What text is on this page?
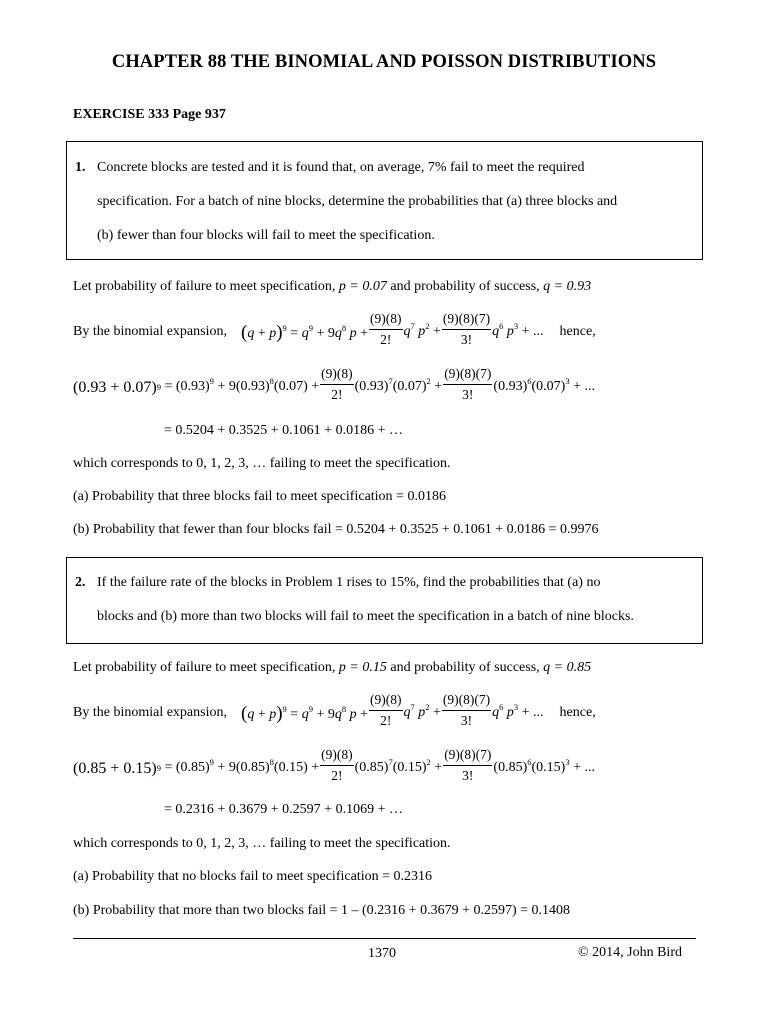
CHAPTER 88 THE BINOMIAL AND POISSON DISTRIBUTIONS
EXERCISE 333 Page 937
1. Concrete blocks are tested and it is found that, on average, 7% fail to meet the required
specification. For a batch of nine blocks, determine the probabilities that (a) three blocks and
(b) fewer than four blocks will fail to meet the specification.
Let probability of failure to meet specification, p = 0.07 and probability of success, q = 0.93
By the binomial expansion, $(q + p)^9 = q^9 + 9q^8$ $p + \frac{(9)(8)}{2!} q^7$ $p^2 + \frac{(9)(8)(7)}{3!} q^6$ $p^3$ + ... hence,
(0.93 + 0.07) $9 = (0.93)^9 + 9(0.93)^8(0.07) + \frac{(9)(8)}{2!} (0.93)^7(0.07)^2 + \frac{(9)(8)(7)}{3!} (0.93)^6(0.07)^3$ + ...
= 0.5204 + 0.3525 + 0.1061 + 0.0186 + …
which corresponds to 0, 1, 2, 3, … failing to meet the specification.
(a) Probability that three blocks fail to meet specification = 0.0186
(b) Probability that fewer than four blocks fail = 0.5204 + 0.3525 + 0.1061 + 0.0186 = 0.9976
2. If the failure rate of the blocks in Problem 1 rises to 15%, find the probabilities that (a) no
blocks and (b) more than two blocks will fail to meet the specification in a batch of nine blocks.
Let probability of failure to meet specification, p = 0.15 and probability of success, q = 0.85
By the binomial expansion, $(q + p)^9 = q^9 + 9q^8$ $p + \frac{(9)(8)}{2!} q^7$ $p^2 + \frac{(9)(8)(7)}{3!} q^6$ $p^3$ + ... hence,
(0.85 + 0.15) $9 = (0.85)^9 + 9(0.85)^8(0.15) + \frac{(9)(8)}{2!} (0.85)^7(0.15)^2 + \frac{(9)(8)(7)}{3!} (0.85)^6(0.15)^3$ + ...
= 0.2316 + 0.3679 + 0.2597 + 0.1069 + …
which corresponds to 0, 1, 2, 3, … failing to meet the specification.
(a) Probability that no blocks fail to meet specification = 0.2316
(b) Probability that more than two blocks fail = 1 – (0.2316 + 0.3679 + 0.2597) = 0.1408
1370	© 2014, John Bird
